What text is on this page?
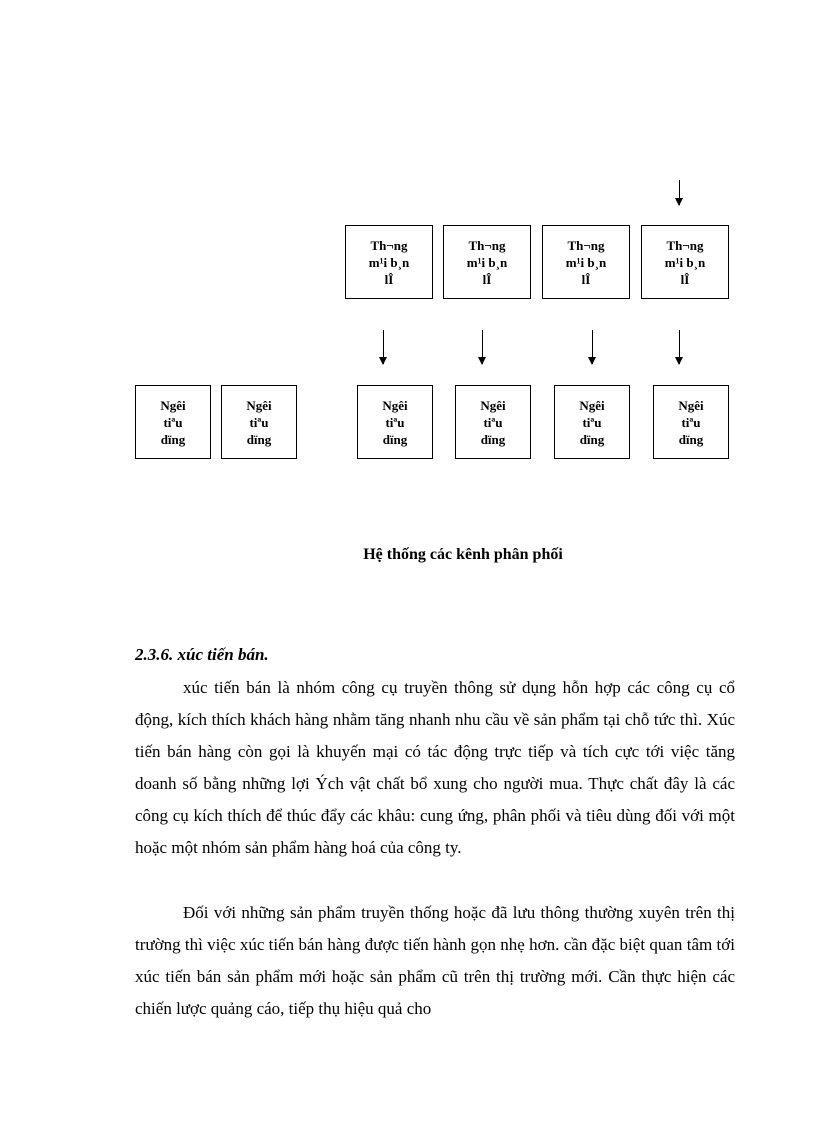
Th¬ng
m¹i b¸n
lÎ
Th¬ng
m¹i b¸n
lÎ
Th¬ng
m¹i b¸n
lÎ
Th¬ng
m¹i b¸n
lÎ
Ngêi
tiªu
dïng
Ngêi
tiªu
dïng
Ngêi
tiªu
dïng
Ngêi
tiªu
dïng
Ngêi
tiªu
dïng
Ngêi
tiªu
dïng
Hệ thống các kênh phân phối
2.3.6. xúc tiến bán.

xúc tiến bán là nhóm công cụ truyền thông sử dụng hỗn hợp các công cụ cổ động, kích thích khách hàng nhằm tăng nhanh nhu cầu về sản phẩm tại chỗ tức thì. Xúc tiến bán hàng còn gọi là khuyến mại có tác động trực tiếp và tích cực tới việc tăng doanh số bằng những lợi Ých vật chất bổ xung cho người mua. Thực chất đây là các công cụ kích thích để thúc đẩy các khâu: cung ứng, phân phối và tiêu dùng đối với một hoặc một nhóm sản phẩm hàng hoá của công ty.

Đối với những sản phẩm truyền thống hoặc đã lưu thông thường xuyên trên thị trường thì việc xúc tiến bán hàng được tiến hành gọn nhẹ hơn. cần đặc biệt quan tâm tới xúc tiến bán sản phẩm mới hoặc sản phẩm cũ trên thị trường mới. Cần thực hiện các chiến lược quảng cáo, tiếp thụ hiệu quả cho
